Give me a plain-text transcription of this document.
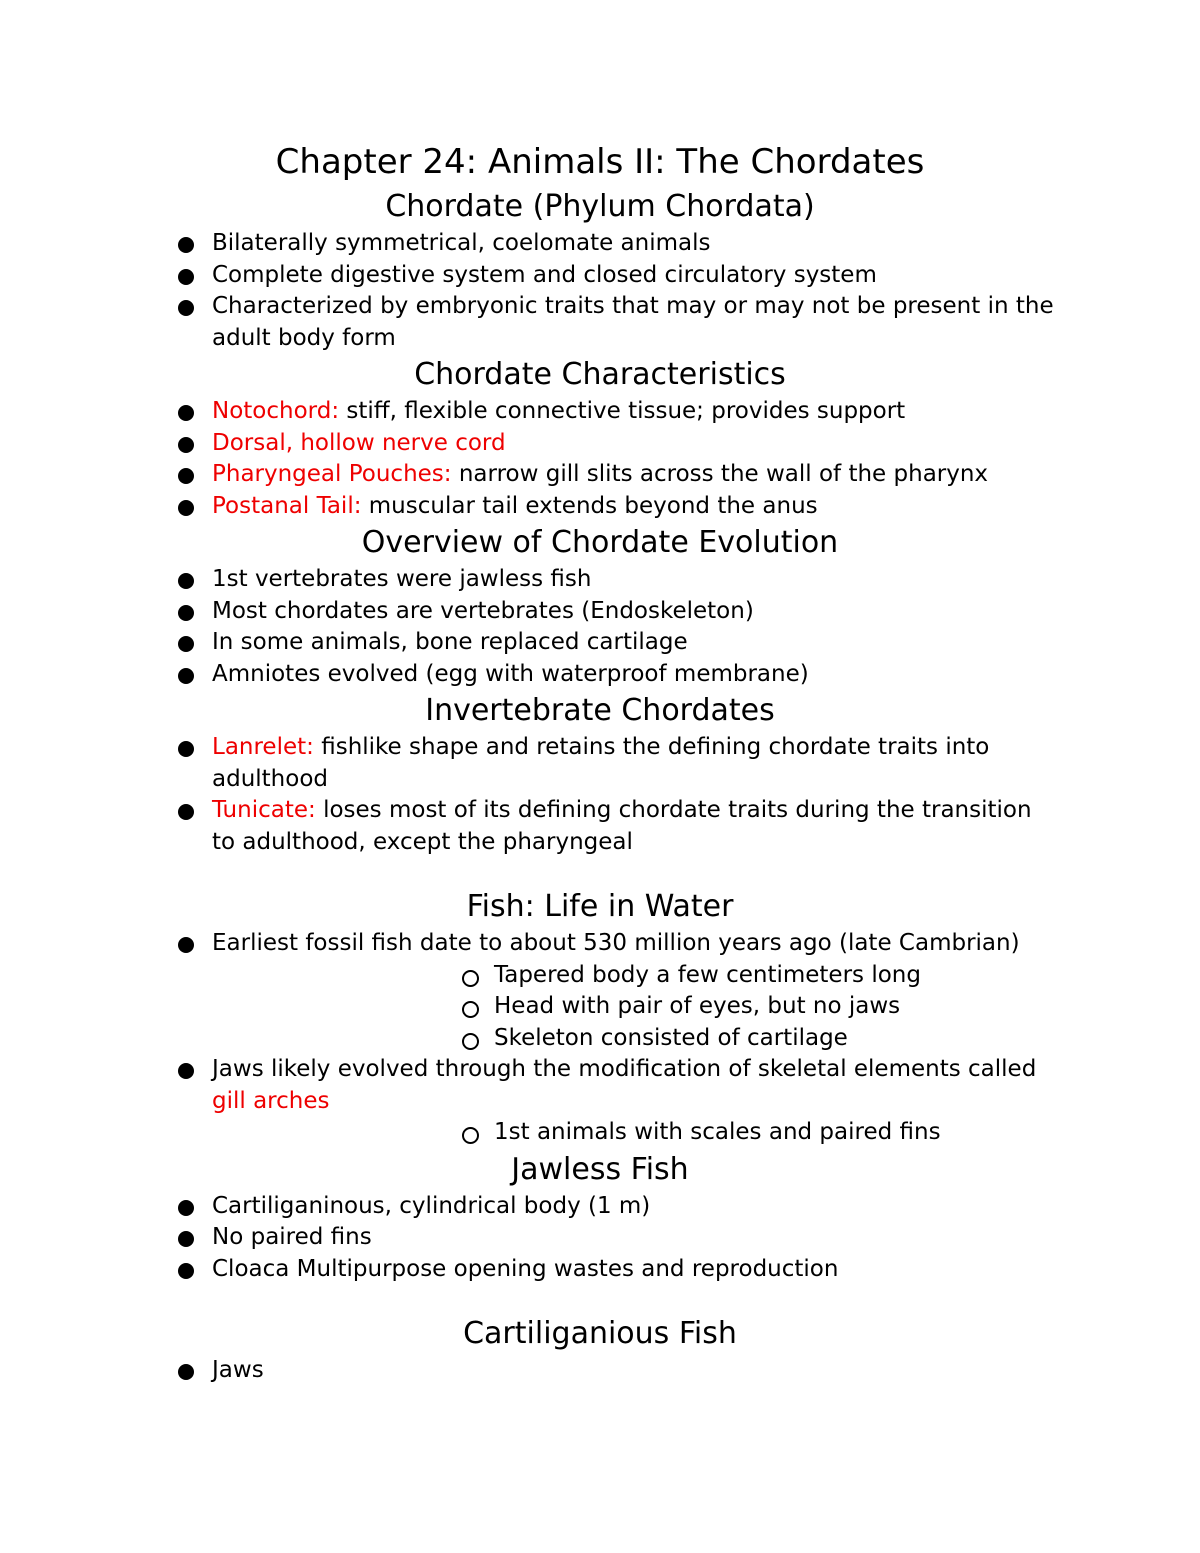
Chapter 24: Animals II: The Chordates
Chordate (Phylum Chordata)
Bilaterally symmetrical, coelomate animals
Complete digestive system and closed circulatory system
Characterized by embryonic traits that may or may not be present in the adult body form
Chordate Characteristics
Notochord: stiff, flexible connective tissue; provides support
Dorsal, hollow nerve cord
Pharyngeal Pouches: narrow gill slits across the wall of the pharynx
Postanal Tail: muscular tail extends beyond the anus
Overview of Chordate Evolution
1st vertebrates were jawless fish
Most chordates are vertebrates (Endoskeleton)
In some animals, bone replaced cartilage
Amniotes evolved (egg with waterproof membrane)
Invertebrate Chordates
Lanrelet: fishlike shape and retains the defining chordate traits into adulthood
Tunicate: loses most of its defining chordate traits during the transition to adulthood, except the pharyngeal
Fish: Life in Water
Earliest fossil fish date to about 530 million years ago (late Cambrian)
Tapered body a few centimeters long
Head with pair of eyes, but no jaws
Skeleton consisted of cartilage
Jaws likely evolved through the modification of skeletal elements called gill arches
1st animals with scales and paired fins
Jawless Fish
Cartiliganinous, cylindrical body (1 m)
No paired fins
Cloaca Multipurpose opening wastes and reproduction
Cartiliganious Fish
Jaws
